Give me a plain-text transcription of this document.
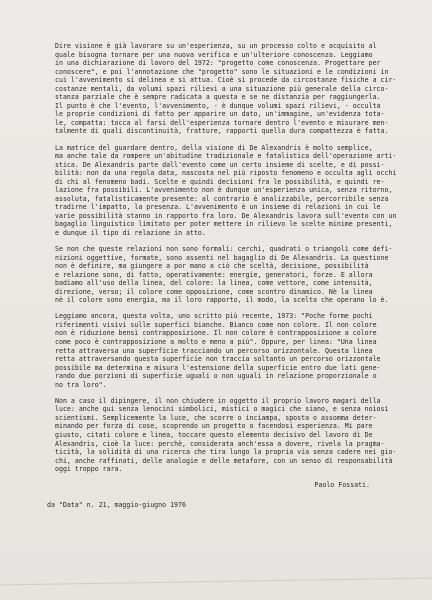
Dire visione è già lavorare su un'esperienza, su un processo colto e acquisito al
quale bisogna tornare per una nuova verifica e un'ulteriore conoscenza. Leggiamo
in una dichiarazione di lavoro del 1972: "progetto come conoscenza. Progettare per
conoscere", e poi l'annotazione che "progetto" sono le situazioni e le condizioni in
cui l'avvenimento si delinea e si attua. Cioè si procede da circostanze fisiche a cir-
costanze mentali, da volumi spazi rilievi a una situazione più generale della circo-
stanza parziale che è sempre radicata a questa e se ne distanzia per raggiungerla.
Il punto è che l'evento, l'avvenimento, - è dunque volumi spazi rilievi, - occulta
le proprie condizioni di fatto per apparire un dato, un'immagine, un'evidenza tota-
le, compatta: tocca al farsi dell'esperienza tornare dentro l'evento e misurare men-
talmente di quali discontinuità, fratture, rapporti quella dura compattezza è fatta.
La matrice del guardare dentro, della visione di De Alexandris è molto semplice,
ma anche tale da rompere un'abitudine tradizionale e fatalistica dell'operazione arti-
stica. De Alexandris parte dall'evento come un certo insieme di scelte, e di possi-
bilità: non da una regola data, nascosta nel più riposto fenomeno e occulta agli occhi
di chi al fenomeno badi. Scelte e quindi decisioni fra le possibilità, e quindi re-
lazione fra possibili. L'avvenimento non è dunque un'esperienza unica, senza ritorno,
assoluta, fatalisticamente presente: al contrario è analizzabile, percorribile senza
tradirne l'impatto, la presenza. L'avvenimento è un insieme di relazioni in cui le
varie possibilità stanno in rapporto fra loro. De Alexandris lavora sull'evento con un
bagaglio linguistico limitato per poter mettere in rilievo le scelte minime presenti,
e dunque il tipo di relazione in atto.
Se non che queste relazioni non sono formali: cerchi, quadrati o triangoli come defi-
nizioni oggettive, formate, sono assenti nel bagaglio di De Alexandris. La questione
non è definire, ma giungere a por mano a ciò che sceltà, decisione, possibilità
e relazione sono, di fatto, operativamente: energie, generatori, forze. E allora
badiamo all'uso della linea, del colore: la linea, come vettore, come intensità,
direzione, verso; il colore come opposizione, come scontro dinamico. Nè la linea
nè il colore sono energia, ma il loro rapporto, il modo, la scelta che operano lo è.
Leggiamo ancora, questa volta, uno scritto più recente, 1973: "Poche forme pochi
riferimenti visivi sulle superfici bianche. Bianco come non colore. Il non colore
non è riduzione bensì contrapposizione. Il non colore è contrapposizione a colore
come poco è contrapposizione a molto e meno a più". Oppure, per linea: "Una linea
retta attraversa una superficie tracciando un percorso orizzontale. Questa linea
retta attraversando questa superficie non traccia soltanto un percorso orizzontale
possibile ma determina e misura l'estensione della superficie entro due lati gene-
rando due porzioni di superficie uguali o non uguali in relazione proporzionale o
no tra loro".
Non a caso il dipingere, il non chiudere in oggetto il proprio lavoro magari della
luce: anche qui senza lenocini simbolici, mistici o magici che siano, e senza noiosi
scientismi. Semplicemente la luce, che scorre o inciampa, sposta o assomma deter-
minando per forza di cose, scoprendo un progetto o facendosi esperienza. Mi pare
giusto, citati colore e linea, toccare questo elemento decisivo del lavoro di De
Alexandris, cioè la luce: perchè, considerata anch'essa a dovere, rivela la pragma-
ticità, la solidità di una ricerca che tira lungo la propria via senza cadere nei gio-
chi, anche raffinati, delle analogie e delle metafore, con un senso di responsabilità
oggi troppo rara.
Paolo Fossati.
da "Data" n. 21, maggio-giugno 1976
